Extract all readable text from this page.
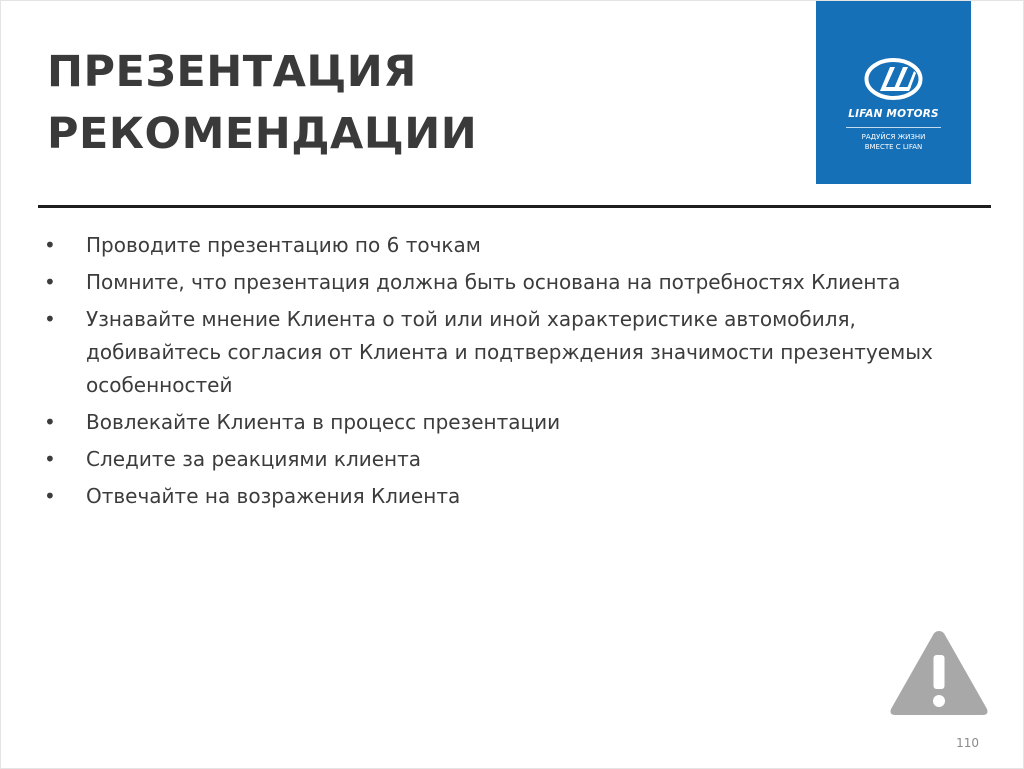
ПРЕЗЕНТАЦИЯ
РЕКОМЕНДАЦИИ	LIFAN MOTORS
РАДУЙСЯ ЖИЗНИ
ВМЕСТЕ С LIFAN
• Проводите презентацию по 6 точкам
• Помните, что презентация должна быть основана на потребностях Клиента
• Узнавайте мнение Клиента о той или иной характеристике автомобиля, добивайтесь согласия от Клиента и подтверждения значимости презентуемых особенностей
• Вовлекайте Клиента в процесс презентации
• Следите за реакциями клиента
• Отвечайте на возражения Клиента
110
